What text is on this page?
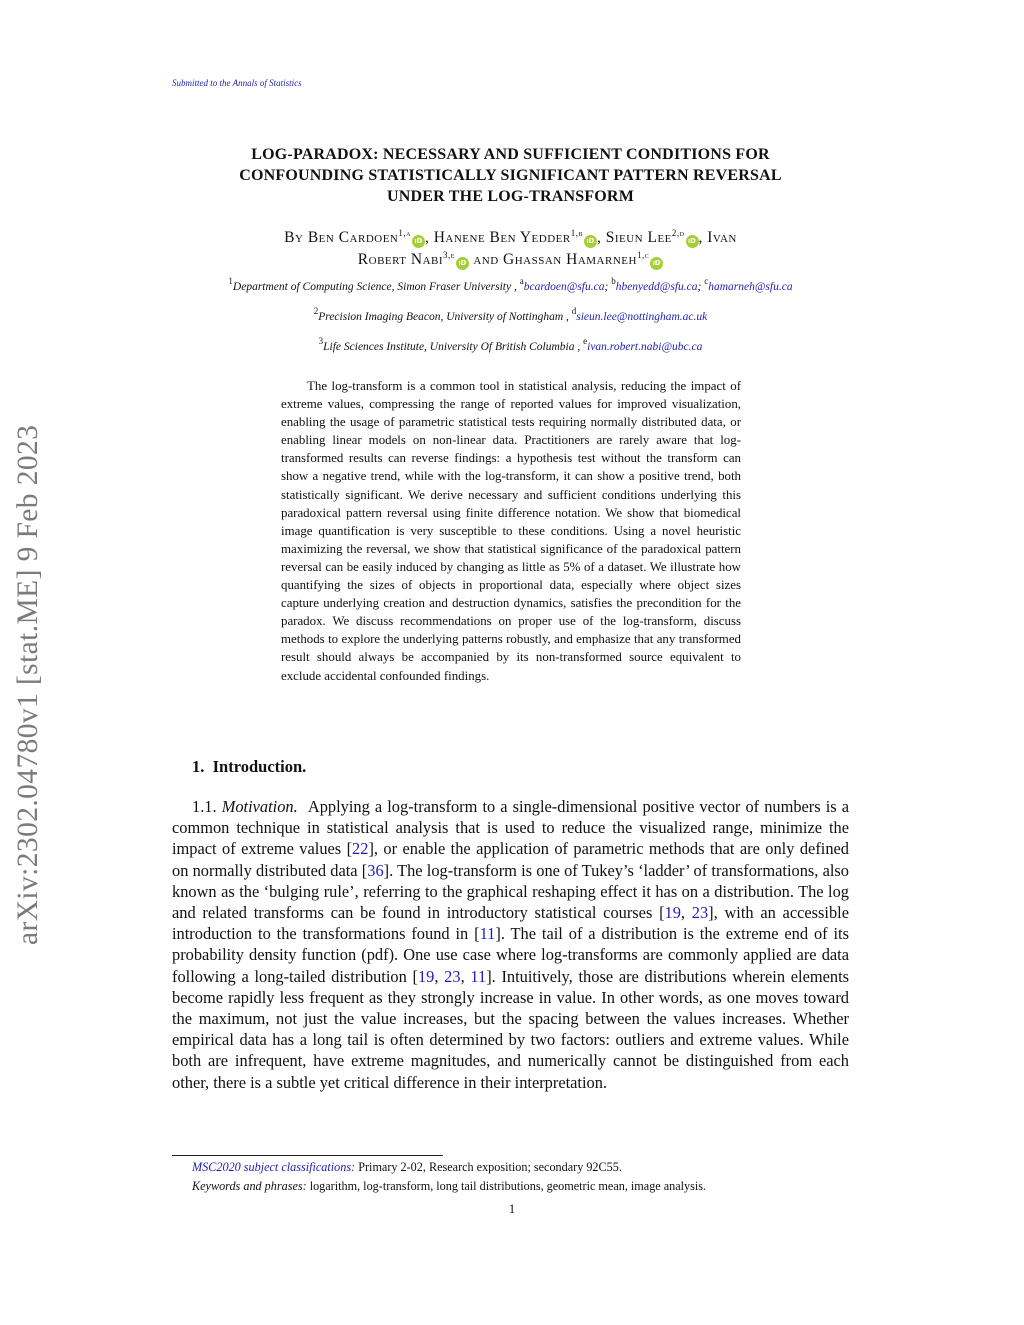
Submitted to the Annals of Statistics
arXiv:2302.04780v1 [stat.ME] 9 Feb 2023
LOG-PARADOX: NECESSARY AND SUFFICIENT CONDITIONS FOR
CONFOUNDING STATISTICALLY SIGNIFICANT PATTERN REVERSAL
UNDER THE LOG-TRANSFORM
By Ben Cardoen$^{1,a}$iD , Hanene Ben Yedder$^{1,b}$iD , Sieun Lee$^{2,d}$iD , Ivan
Robert Nabi$^{3,e}$iD and Ghassan Hamarneh$^{1,c}$iD
$^1$Department of Computing Science, Simon Fraser University , $^a$bcardoen@sfu.ca; $^b$hbenyedd@sfu.ca; $^c$hamarneh@sfu.ca
$^2$Precision Imaging Beacon, University of Nottingham , $^d$sieun.lee@nottingham.ac.uk
$^3$Life Sciences Institute, University Of British Columbia , $^e$ivan.robert.nabi@ubc.ca

The log-transform is a common tool in statistical analysis, reducing the impact of extreme values, compressing the range of reported values for improved visualization, enabling the usage of parametric statistical tests requiring normally distributed data, or enabling linear models on non-linear data. Practitioners are rarely aware that log-transformed results can reverse findings: a hypothesis test without the transform can show a negative trend, while with the log-transform, it can show a positive trend, both statistically significant. We derive necessary and sufficient conditions underlying this paradoxical pattern reversal using finite difference notation. We show that biomedical image quantification is very susceptible to these conditions. Using a novel heuristic maximizing the reversal, we show that statistical significance of the paradoxical pattern reversal can be easily induced by changing as little as 5% of a dataset. We illustrate how quantifying the sizes of objects in proportional data, especially where object sizes capture underlying creation and destruction dynamics, satisfies the precondition for the paradox. We discuss recommendations on proper use of the log-transform, discuss methods to explore the underlying patterns robustly, and emphasize that any transformed result should always be accompanied by its non-transformed source equivalent to exclude accidental confounded findings.

1. Introduction.

1.1. Motivation. Applying a log-transform to a single-dimensional positive vector of numbers is a common technique in statistical analysis that is used to reduce the visualized range, minimize the impact of extreme values [22], or enable the application of parametric methods that are only defined on normally distributed data [36]. The log-transform is one of Tukey’s ‘ladder’ of transformations, also known as the ‘bulging rule’, referring to the graphical reshaping effect it has on a distribution. The log and related transforms can be found in introductory statistical courses [19, 23], with an accessible introduction to the transformations found in [11]. The tail of a distribution is the extreme end of its probability density function (pdf). One use case where log-transforms are commonly applied are data following a long-tailed distribution [19, 23, 11]. Intuitively, those are distributions wherein elements become rapidly less frequent as they strongly increase in value. In other words, as one moves toward the maximum, not just the value increases, but the spacing between the values increases. Whether empirical data has a long tail is often determined by two factors: outliers and extreme values. While both are infrequent, have extreme magnitudes, and numerically cannot be distinguished from each other, there is a subtle yet critical difference in their interpretation.

MSC2020 subject classifications: Primary 2-02, Research exposition; secondary 92C55.
Keywords and phrases: logarithm, log-transform, long tail distributions, geometric mean, image analysis.
1
